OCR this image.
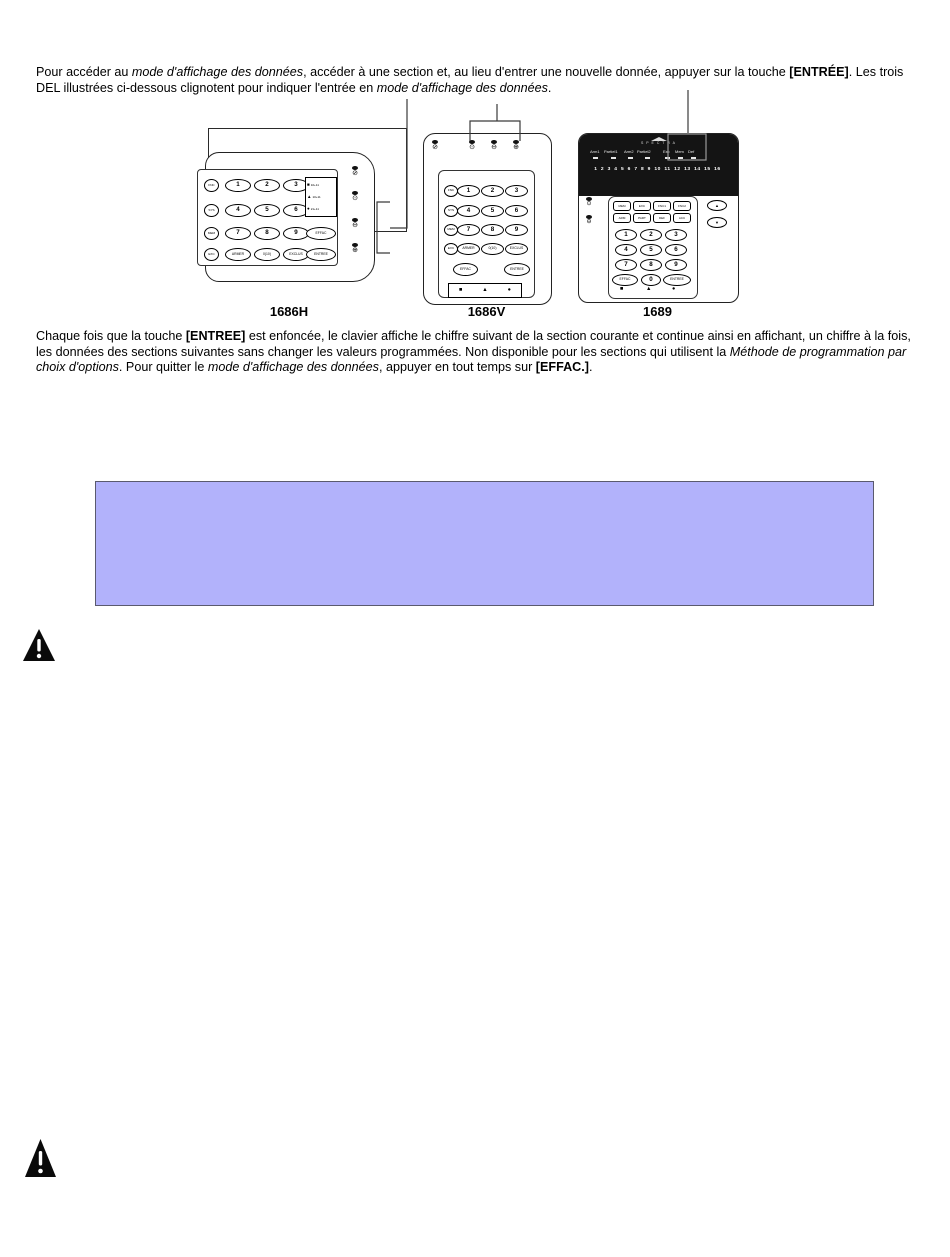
Pour accéder au mode d'affichage des données, accéder à une section et, au lieu d'entrer une nouvelle donnée, appuyer sur la touche [ENTRÉE]. Les trois DEL illustrées ci-dessous clignotent pour indiquer l'entrée en mode d'affichage des données.

FNC
SYS
MEM
EXC
1	2	3
4	5	6
7	8	9	EFFAC
ARMER	0(10)	EXCLUS	ENTREE
■ 10+11
▲ 10+11
● 21+11
⊘
⊙
⊖
⊕
1686H
⊘	⊙ ⊖ ⊕
FNC
SYS
MEM
EXC
1	2	3
4	5	6
7	8	9
ARMER	0(10)	EXCLUS
EFFAC	ENTREE
■	▲	●
1686V
S P E C T R A
Arm1 Partiel1 Arm2 Partiel2	Exc Mem Def
1 2 3 4 5 6 7 8 9 10 11 12 13 14 15 16
⊙
⊖
MEM	EXC	FNC1	FNC2
ARM	PART	DEF	ACC
1	2	3
4	5	6
7	8	9
EFFAC	0	ENTREE
■	▲	●
▲
▼
1689

Chaque fois que la touche [ENTREE] est enfoncée, le clavier affiche le chiffre suivant de la section courante et continue ainsi en affichant, un chiffre à la fois, les données des sections suivantes sans changer les valeurs programmées. Non disponible pour les sections qui utilisent la Méthode de programmation par choix d'options. Pour quitter le mode d'affichage des données, appuyer en tout temps sur [EFFAC.].
